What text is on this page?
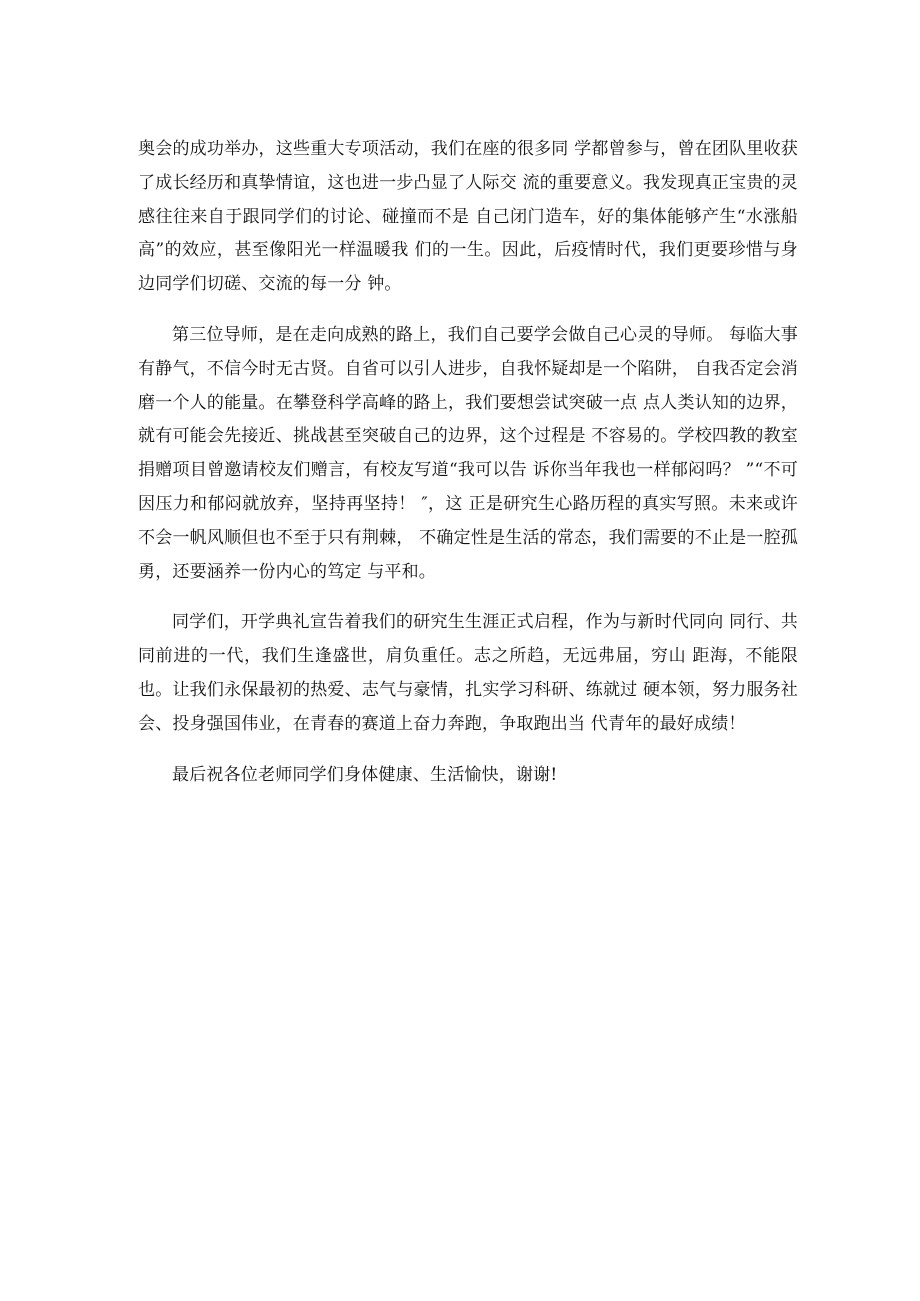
奥会的成功举办，这些重大专项活动，我们在座的很多同 学都曾参与，曾在团队里收获了成长经历和真挚情谊，这也进一步凸显了人际交 流的重要意义。我发现真正宝贵的灵感往往来自于跟同学们的讨论、碰撞而不是 自己闭门造车，好的集体能够产生“水涨船高”的效应，甚至像阳光一样温暖我 们的一生。因此，后疫情时代，我们更要珍惜与身边同学们切磋、交流的每一分 钟。

第三位导师，是在走向成熟的路上，我们自己要学会做自己心灵的导师。 每临大事有静气，不信今时无古贤。自省可以引人进步，自我怀疑却是一个陷阱， 自我否定会消磨一个人的能量。在攀登科学高峰的路上，我们要想尝试突破一点 点人类认知的边界，就有可能会先接近、挑战甚至突破自己的边界，这个过程是 不容易的。学校四教的教室捐赠项目曾邀请校友们赠言，有校友写道“我可以告 诉你当年我也一样郁闷吗？ ”“不可因压力和郁闷就放弃，坚持再坚持！ ″，这 正是研究生心路历程的真实写照。未来或许不会一帆风顺但也不至于只有荆棘， 不确定性是生活的常态，我们需要的不止是一腔孤勇，还要涵养一份内心的笃定 与平和。

同学们，开学典礼宣告着我们的研究生生涯正式启程，作为与新时代同向 同行、共同前进的一代，我们生逢盛世，肩负重任。志之所趋，无远弗届，穷山 距海，不能限也。让我们永保最初的热爱、志气与豪情，扎实学习科研、练就过 硬本领，努力服务社会、投身强国伟业，在青春的赛道上奋力奔跑，争取跑出当 代青年的最好成绩！

最后祝各位老师同学们身体健康、生活愉快，谢谢!
